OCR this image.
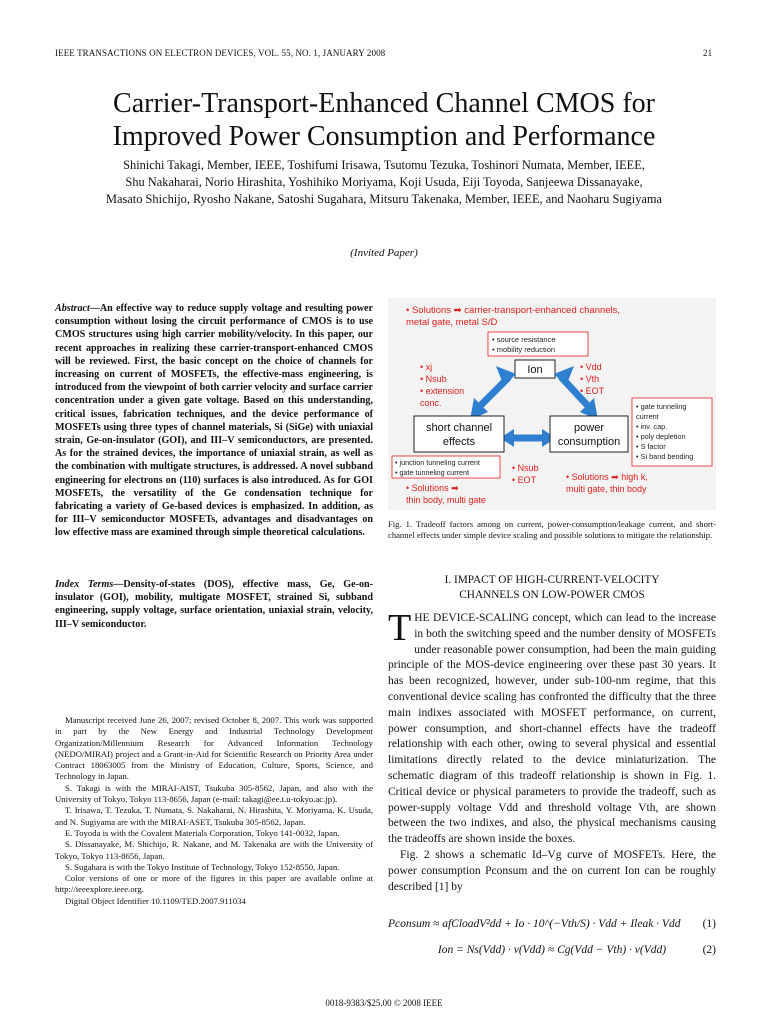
IEEE TRANSACTIONS ON ELECTRON DEVICES, VOL. 55, NO. 1, JANUARY 2008	21
Carrier-Transport-Enhanced Channel CMOS for
Improved Power Consumption and Performance
Shinichi Takagi, Member, IEEE, Toshifumi Irisawa, Tsutomu Tezuka, Toshinori Numata, Member, IEEE,
Shu Nakaharai, Norio Hirashita, Yoshihiko Moriyama, Koji Usuda, Eiji Toyoda, Sanjeewa Dissanayake,
Masato Shichijo, Ryosho Nakane, Satoshi Sugahara, Mitsuru Takenaka, Member, IEEE, and Naoharu Sugiyama
(Invited Paper)
Abstract—An effective way to reduce supply voltage and resulting power consumption without losing the circuit performance of CMOS is to use CMOS structures using high carrier mobility/velocity. In this paper, our recent approaches in realizing these carrier-transport-enhanced CMOS will be reviewed. First, the basic concept on the choice of channels for increasing on current of MOSFETs, the effective-mass engineering, is introduced from the viewpoint of both carrier velocity and surface carrier concentration under a given gate voltage. Based on this understanding, critical issues, fabrication techniques, and the device performance of MOSFETs using three types of channel materials, Si (SiGe) with uniaxial strain, Ge-on-insulator (GOI), and III–V semiconductors, are presented. As for the strained devices, the importance of uniaxial strain, as well as the combination with multigate structures, is addressed. A novel subband engineering for electrons on (110) surfaces is also introduced. As for GOI MOSFETs, the versatility of the Ge condensation technique for fabricating a variety of Ge-based devices is emphasized. In addition, as for III–V semiconductor MOSFETs, advantages and disadvantages on low effective mass are examined through simple theoretical calculations.
Index Terms—Density-of-states (DOS), effective mass, Ge, Ge-on-insulator (GOI), mobility, multigate MOSFET, strained Si, subband engineering, supply voltage, surface orientation, uniaxial strain, velocity, III–V semiconductor.

Manuscript received June 26, 2007; revised October 8, 2007. This work was supported in part by the New Energy and Industrial Technology Development Organization/Millennium Research for Advanced Information Technology (NEDO/MIRAI) project and a Grant-in-Aid for Scientific Research on Priority Area under Contract 18063005 from the Ministry of Education, Culture, Sports, Science, and Technology in Japan.

S. Takagi is with the MIRAI-AIST, Tsukuba 305-8562, Japan, and also with the University of Tokyo, Tokyo 113-8656, Japan (e-mail: takagi@ee.t.u-tokyo.ac.jp).

T. Irisawa, T. Tezuka, T. Numata, S. Nakaharai, N. Hirashita, Y. Moriyama, K. Usuda, and N. Sugiyama are with the MIRAI-ASET, Tsukuba 305-8562, Japan.

E. Toyoda is with the Covalent Materials Corporation, Tokyo 141-0032, Japan.

S. Dissanayake, M. Shichijo, R. Nakane, and M. Takenaka are with the University of Tokyo, Tokyo 113-8656, Japan.

S. Sugahara is with the Tokyo Institute of Technology, Tokyo 152-8550, Japan.

Color versions of one or more of the figures in this paper are available online at http://ieeexplore.ieee.org.

Digital Object Identifier 10.1109/TED.2007.911034

• Solutions ➡ carrier-transport-enhanced channels,
metal gate, metal S/D
• source resistance
• mobility reduction
Ion
• xj
• Nsub
• extension
conc.
• Vdd
• Vth
• EOT
short channel
effects
power
consumption
• gate tunneling
current
• inv. cap.
• poly depletion
• S factor
• Si band bending
• junction tunneling current
• gate tunneling current	• Nsub
• EOT
• Solutions ➡
thin body, multi gate
• Solutions ➡ high k,
multi gate, thin body
Fig. 1. Tradeoff factors among on current, power-consumption/leakage current, and short-channel effects under simple device scaling and possible solutions to mitigate the relationship.
I. IMPACT OF HIGH-CURRENT-VELOCITY
CHANNELS ON LOW-POWER CMOS

THE DEVICE-SCALING concept, which can lead to the increase in both the switching speed and the number density of MOSFETs under reasonable power consumption, had been the main guiding principle of the MOS-device engineering over these past 30 years. It has been recognized, however, under sub-100-nm regime, that this conventional device scaling has confronted the difficulty that the three main indixes associated with MOSFET performance, on current, power consumption, and short-channel effects have the tradeoff relationship with each other, owing to several physical and essential limitations directly related to the device miniaturization. The schematic diagram of this tradeoff relationship is shown in Fig. 1. Critical device or physical parameters to provide the tradeoff, such as power-supply voltage Vdd and threshold voltage Vth, are shown between the two indixes, and also, the physical mechanisms causing the tradeoffs are shown inside the boxes.

Fig. 2 shows a schematic Id–Vg curve of MOSFETs. Here, the power consumption Pconsum and the on current Ion can be roughly described [1] by

Pconsum ≈ afCloadV²dd + Io · 10^(−Vth/S) · Vdd + Ileak · Vdd (1)
Ion = Ns(Vdd) · v(Vdd) ≈ Cg(Vdd − Vth) · v(Vdd)	(2)
0018-9383/$25.00 © 2008 IEEE
